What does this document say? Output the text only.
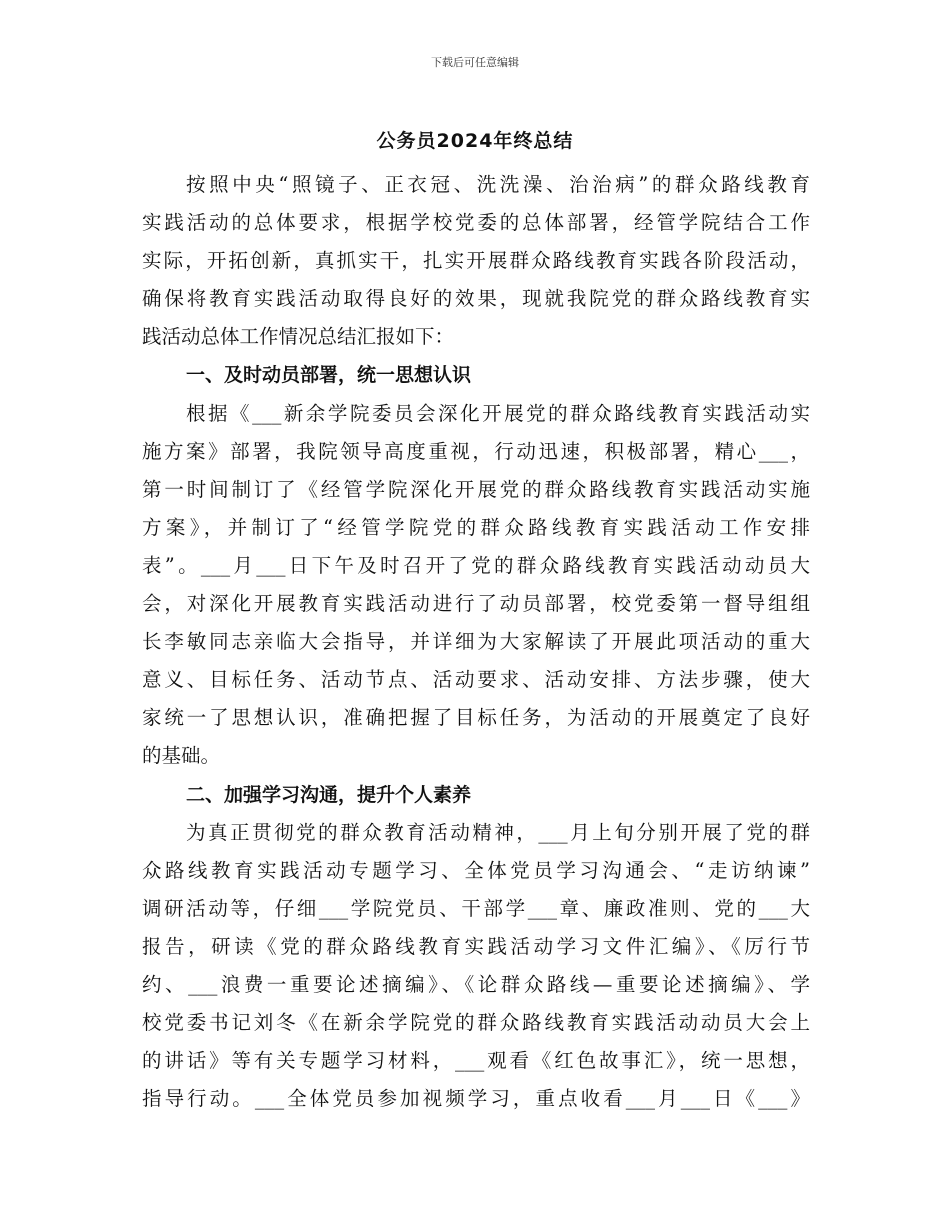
下载后可任意编辑
公务员2024年终总结
按照中央“照镜子、正衣冠、洗洗澡、治治病”的群众路线教育
实践活动的总体要求，根据学校党委的总体部署，经管学院结合工作
实际，开拓创新，真抓实干，扎实开展群众路线教育实践各阶段活动，
确保将教育实践活动取得良好的效果，现就我院党的群众路线教育实
践活动总体工作情况总结汇报如下：
一、及时动员部署，统一思想认识
根据《___新余学院委员会深化开展党的群众路线教育实践活动实
施方案》部署，我院领导高度重视，行动迅速，积极部署，精心___，
第一时间制订了《经管学院深化开展党的群众路线教育实践活动实施
方案》，并制订了“经管学院党的群众路线教育实践活动工作安排
表”。___月___日下午及时召开了党的群众路线教育实践活动动员大
会，对深化开展教育实践活动进行了动员部署，校党委第一督导组组
长李敏同志亲临大会指导，并详细为大家解读了开展此项活动的重大
意义、目标任务、活动节点、活动要求、活动安排、方法步骤，使大
家统一了思想认识，准确把握了目标任务，为活动的开展奠定了良好
的基础。
二、加强学习沟通，提升个人素养
为真正贯彻党的群众教育活动精神，___月上旬分别开展了党的群
众路线教育实践活动专题学习、全体党员学习沟通会、“走访纳谏”
调研活动等，仔细___学院党员、干部学___章、廉政准则、党的___大
报告，研读《党的群众路线教育实践活动学习文件汇编》、《厉行节
约、___浪费一重要论述摘编》、《论群众路线—重要论述摘编》、学
校党委书记刘冬《在新余学院党的群众路线教育实践活动动员大会上
的讲话》等有关专题学习材料，___观看《红色故事汇》，统一思想，
指导行动。___全体党员参加视频学习，重点收看___月___日《___》
